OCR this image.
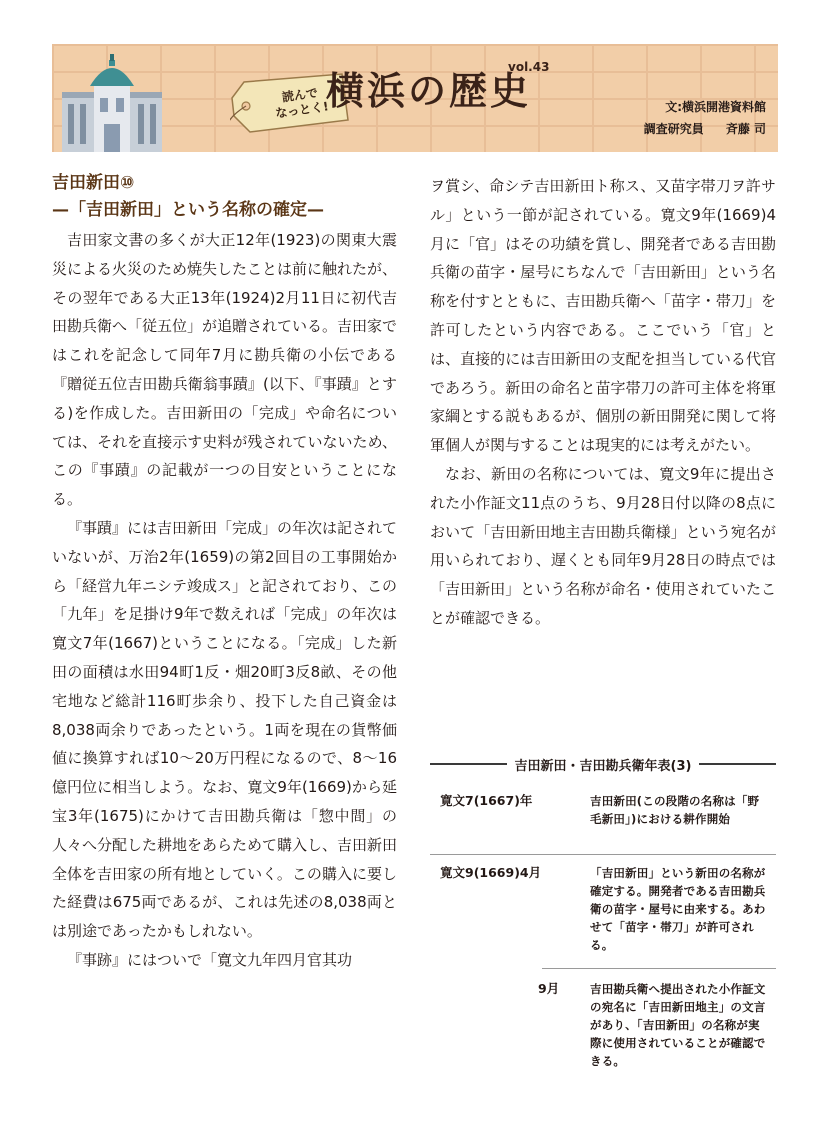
読んで
なっとく!
横浜の歴史
vol.43
文:横浜開港資料館
調査研究員 斉藤 司
吉田新田⑩
—「吉田新田」という名称の確定—

吉田家文書の多くが大正12年(1923)の関東大震災による火災のため焼失したことは前に触れたが、その翌年である大正13年(1924)2月11日に初代吉田勘兵衛へ「従五位」が追贈されている。吉田家ではこれを記念して同年7月に勘兵衛の小伝である『贈従五位吉田勘兵衛翁事蹟』(以下、『事蹟』とする)を作成した。吉田新田の「完成」や命名については、それを直接示す史料が残されていないため、この『事蹟』の記載が一つの目安ということになる。

『事蹟』には吉田新田「完成」の年次は記されていないが、万治2年(1659)の第2回目の工事開始から「経営九年ニシテ竣成ス」と記されており、この「九年」を足掛け9年で数えれば「完成」の年次は寛文7年(1667)ということになる。「完成」した新田の面積は水田94町1反・畑20町3反8畝、その他宅地など総計116町歩余り、投下した自己資金は8,038両余りであったという。1両を現在の貨幣価値に換算すれば10〜20万円程になるので、8〜16億円位に相当しよう。なお、寛文9年(1669)から延宝3年(1675)にかけて吉田勘兵衛は「惣中間」の人々へ分配した耕地をあらためて購入し、吉田新田全体を吉田家の所有地としていく。この購入に要した経費は675両であるが、これは先述の8,038両とは別途であったかもしれない。

『事跡』にはついで「寛文九年四月官其功

ヲ賞シ、命シテ吉田新田ト称ス、又苗字帯刀ヲ許サル」という一節が記されている。寛文9年(1669)4月に「官」はその功績を賞し、開発者である吉田勘兵衛の苗字・屋号にちなんで「吉田新田」という名称を付すとともに、吉田勘兵衛へ「苗字・帯刀」を許可したという内容である。ここでいう「官」とは、直接的には吉田新田の支配を担当している代官であろう。新田の命名と苗字帯刀の許可主体を将軍家綱とする説もあるが、個別の新田開発に関して将軍個人が関与することは現実的には考えがたい。

なお、新田の名称については、寛文9年に提出された小作証文11点のうち、9月28日付以降の8点において「吉田新田地主吉田勘兵衛様」という宛名が用いられており、遅くとも同年9月28日の時点では「吉田新田」という名称が命名・使用されていたことが確認できる。

吉田新田・吉田勘兵衛年表(3)
寛文7(1667)年	吉田新田(この段階の名称は「野毛新田」)における耕作開始
寛文9(1669)4月	「吉田新田」という新田の名称が確定する。開発者である吉田勘兵衛の苗字・屋号に由来する。あわせて「苗字・帯刀」が許可される。
9月	吉田勘兵衛へ提出された小作証文の宛名に「吉田新田地主」の文言があり、「吉田新田」の名称が実際に使用されていることが確認できる。
